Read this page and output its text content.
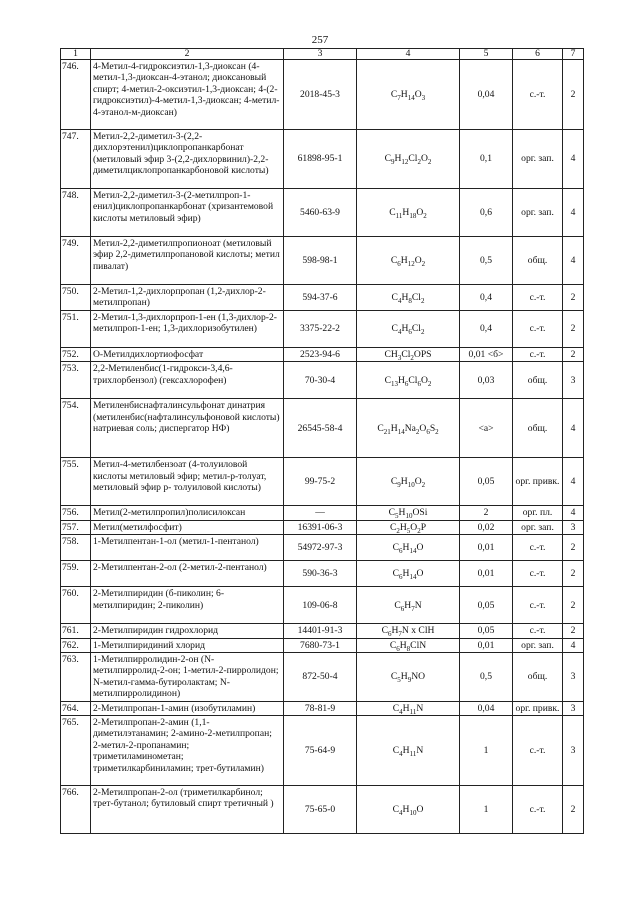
257
1	2	3	4	5	6	7
746.	4-Метил-4-гидроксиэтил-1,3-диоксан (4-метил-1,3-диоксан-4-этанол; диоксановый спирт; 4-метил-2-оксиэтил-1,3-диоксан; 4-(2-гидроксиэтил)-4-метил-1,3-диоксан; 4-метил- 4-этанол-м-диоксан)	2018-45-3	$C_7H_{14}O_3$	0,04	с.-т.	2
747.	Метил-2,2-диметил-3-(2,2-дихлорэтенил)циклопропанкарбонат (метиловый эфир 3-(2,2-дихлорвинил)-2,2- диметилциклопропанкарбоновой кислоты)	61898-95-1	$C_9H_{12}Cl_2O_2$	0,1	орг. зап.	4
748.	Метил-2,2-диметил-3-(2-метилпроп-1-енил)циклопропанкарбонат (хризантемовой кислоты метиловый эфир)	5460-63-9	$C_{11}H_{18}O_2$	0,6	орг. зап.	4
749.	Метил-2,2-диметилпропионоат (метиловый эфир 2,2-диметилпропановой кислоты; метил пивалат)	598-98-1	$C_6H_{12}O_2$	0,5	общ.	4
750.	2-Метил-1,2-дихлорпропан (1,2-дихлор-2-метилпропан)	594-37-6	$C_4H_8Cl_2$	0,4	с.-т.	2
751.	2-Метил-1,3-дихлорпроп-1-ен (1,3-дихлор-2-метилпроп-1-ен; 1,3-дихлоризобутилен)	3375-22-2	$C_4H_6Cl_2$	0,4	с.-т.	2
752.	О-Метилдихлортиофосфат	2523-94-6	$CH_3Cl_2OPS$	0,01 <б>	с.-т.	2
753.	2,2-Метиленбис(1-гидрокси-3,4,6-трихлорбензол) (гексахлорофен)	70-30-4	$C_{13}H_6Cl_6O_2$	0,03	общ.	3
754.	Метиленбиснафталинсульфонат динатрия (метиленбис(нафталинсульфоновой кислоты) натриевая соль; диспергатор НФ)	26545-58-4	$C_{21}H_{14}Na_2O_6S_2$	<а>	общ.	4
755.	Метил-4-метилбензоат (4-толуиловой кислоты метиловый эфир; метил-р-толуат, метиловый эфир р- толуиловой кислоты)	99-75-2	$C_9H_{10}O_2$	0,05	орг. привк.	4
756.	Метил(2-метилпропил)полисилоксан	—	$C_5H_{10}OSi$	2	орг. пл.	4
757.	Метил(метилфосфит)	16391-06-3	$C_2H_5O_2P$	0,02	орг. зап.	3
758.	1-Метилпентан-1-ол (метил-1-пентанол)	54972-97-3	$C_6H_{14}O$	0,01	с.-т.	2
759.	2-Метилпентан-2-ол (2-метил-2-пентанол)	590-36-3	$C_6H_{14}O$	0,01	с.-т.	2
760.	2-Метилпиридин (б-пиколин; 6-метилпиридин; 2-пиколин)	109-06-8	$C_6H_7N$	0,05	с.-т.	2
761.	2-Метилпиридин гидрохлорид	14401-91-3	$C_6H_7N$ x ClH	0,05	с.-т.	2
762.	1-Метилпиридиний хлорид	7680-73-1	$C_6H_8ClN$	0,01	орг. зап.	4
763.	1-Метилпирролидин-2-он (N-метилпирролид-2-он; 1-метил-2-пирролидон; N-метил-гамма-бутиролактам; N-метилпирролидинон)	872-50-4	$C_5H_9NO$	0,5	общ.	3
764.	2-Метилпропан-1-амин (изобутиламин)	78-81-9	$C_4H_{11}N$	0,04	орг. привк.	3
765.	2-Метилпропан-2-амин (1,1-диметилэтанамин; 2-амино-2-метилпропан; 2-метил-2-пропанамин; триметиламинометан; триметилкарбиниламин; трет-бутиламин)	75-64-9	$C_4H_{11}N$	1	с.-т.	3
766.	2-Метилпропан-2-ол (триметилкарбинол; трет-бутанол; бутиловый спирт третичный )	75-65-0	$C_4H_{10}O$	1	с.-т.	2
